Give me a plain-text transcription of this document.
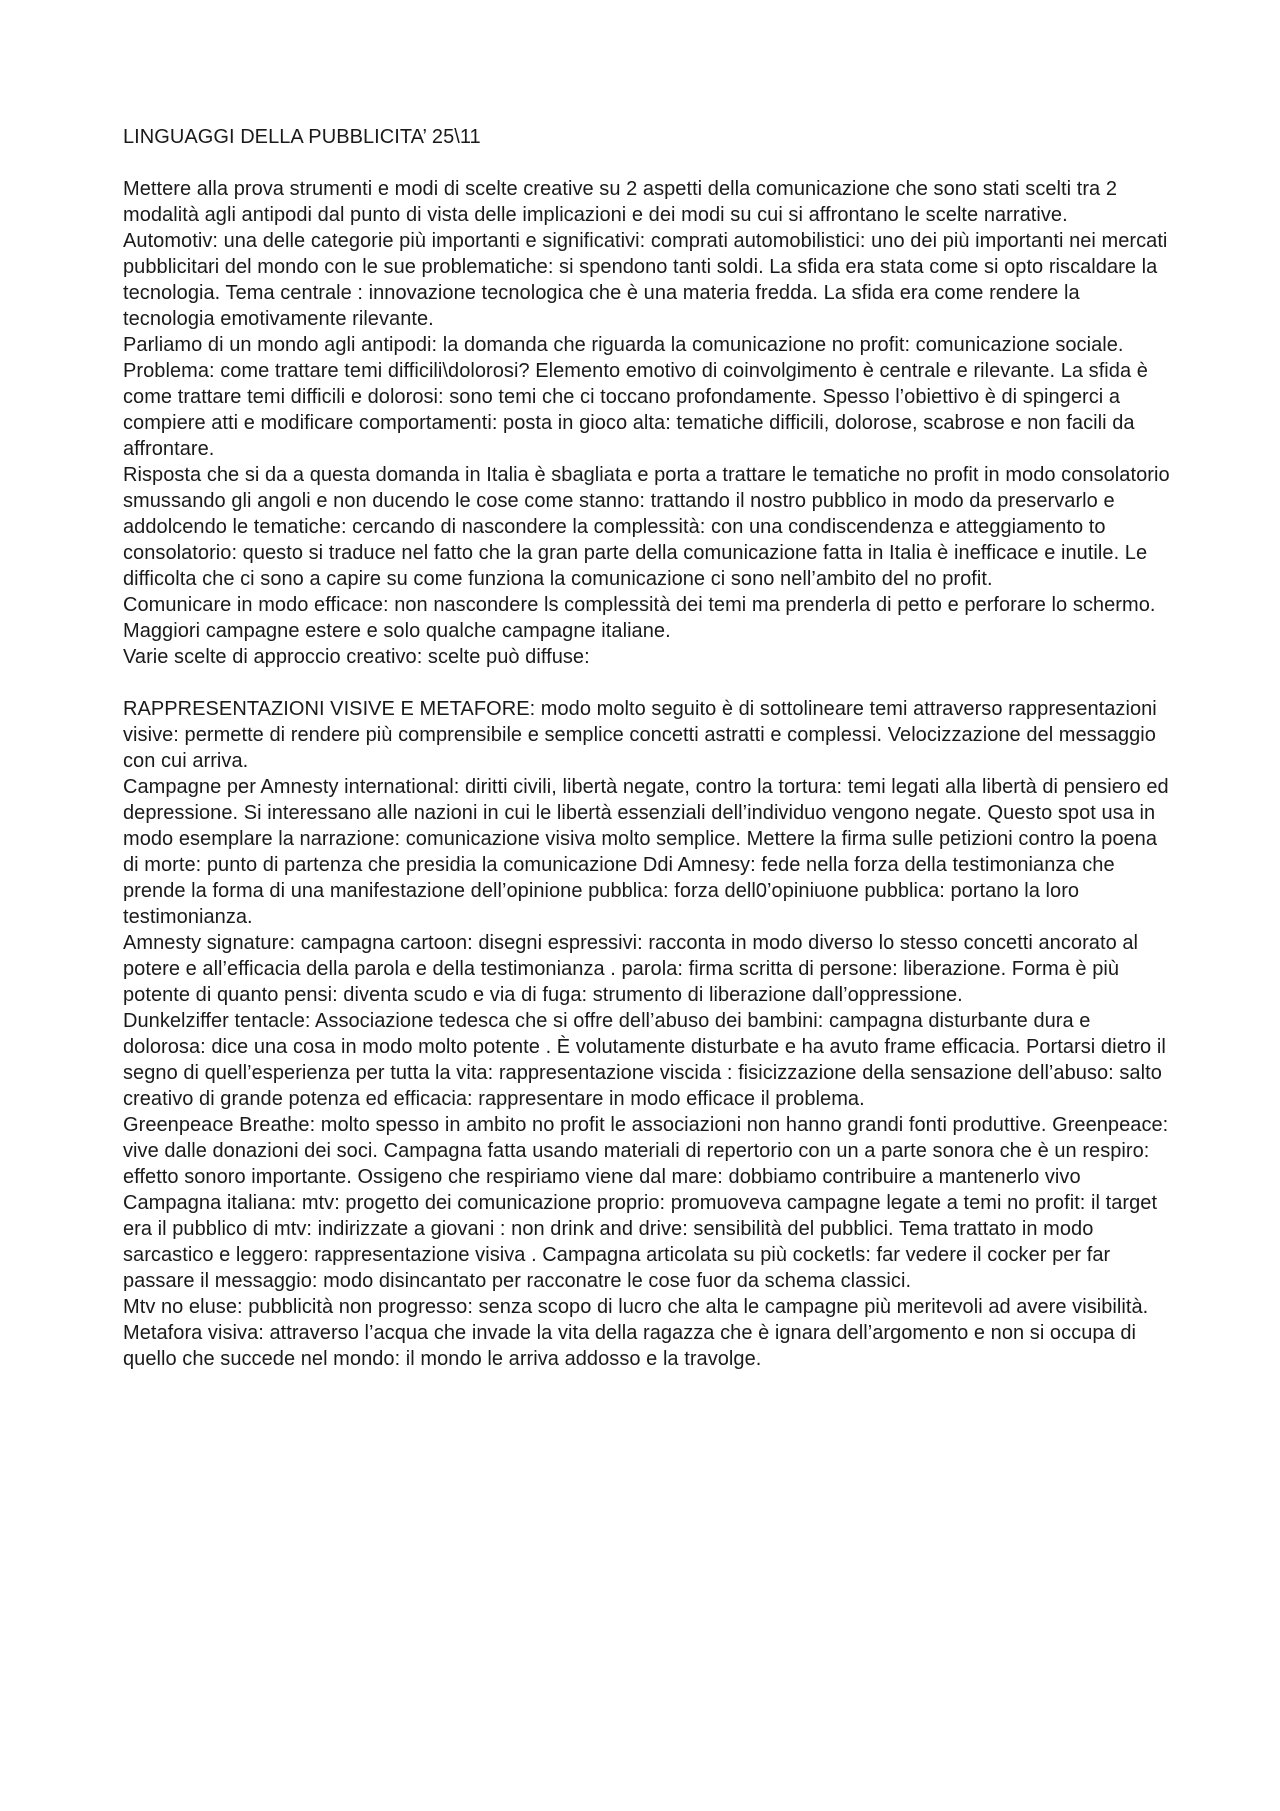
LINGUAGGI DELLA PUBBLICITA’ 25\11

Mettere alla prova strumenti e modi di scelte creative su 2 aspetti della comunicazione che sono stati scelti tra 2 modalità agli antipodi dal punto di vista delle implicazioni e dei modi su cui si affrontano le scelte narrative.

Automotiv: una delle categorie più importanti e significativi: comprati automobilistici: uno dei più importanti nei mercati pubblicitari del mondo con le sue problematiche: si spendono tanti soldi. La sfida era stata come si opto riscaldare la tecnologia. Tema centrale : innovazione tecnologica che è una materia fredda. La sfida era come rendere la tecnologia emotivamente rilevante.

Parliamo di un mondo agli antipodi: la domanda che riguarda la comunicazione no profit: comunicazione sociale. Problema: come trattare temi difficili\dolorosi? Elemento emotivo di coinvolgimento è centrale e rilevante. La sfida è come trattare temi difficili e dolorosi: sono temi che ci toccano profondamente. Spesso l’obiettivo è di spingerci a compiere atti e modificare comportamenti: posta in gioco alta: tematiche difficili, dolorose, scabrose e non facili da affrontare.

Risposta che si da a questa domanda in Italia è sbagliata e porta a trattare le tematiche no profit in modo consolatorio smussando gli angoli e non ducendo le cose come stanno: trattando il nostro pubblico in modo da preservarlo e addolcendo le tematiche: cercando di nascondere la complessità: con una condiscendenza e atteggiamento to consolatorio: questo si traduce nel fatto che la gran parte della comunicazione fatta in Italia è inefficace e inutile. Le difficolta che ci sono a capire su come funziona la comunicazione ci sono nell’ambito del no profit.

Comunicare in modo efficace: non nascondere ls complessità dei temi ma prenderla di petto e perforare lo schermo.

Maggiori campagne estere e solo qualche campagne italiane.

Varie scelte di approccio creativo: scelte può diffuse:

RAPPRESENTAZIONI VISIVE E METAFORE: modo molto seguito è di sottolineare temi attraverso rappresentazioni visive: permette di rendere più comprensibile e semplice concetti astratti e complessi. Velocizzazione del messaggio con cui arriva.

Campagne per Amnesty international: diritti civili, libertà negate, contro la tortura: temi legati alla libertà di pensiero ed depressione. Si interessano alle nazioni in cui le libertà essenziali dell’individuo vengono negate. Questo spot usa in modo esemplare la narrazione: comunicazione visiva molto semplice. Mettere la firma sulle petizioni contro la poena di morte: punto di partenza che presidia la comunicazione Ddi Amnesy: fede nella forza della testimonianza che prende la forma di una manifestazione dell’opinione pubblica: forza dell0’opiniuone pubblica: portano la loro testimonianza.

Amnesty signature: campagna cartoon: disegni espressivi: racconta in modo diverso lo stesso concetti ancorato al potere e all’efficacia della parola e della testimonianza . parola: firma scritta di persone: liberazione. Forma è più potente di quanto pensi: diventa scudo e via di fuga: strumento di liberazione dall’oppressione.

Dunkelziffer tentacle: Associazione tedesca che si offre dell’abuso dei bambini: campagna disturbante dura e dolorosa: dice una cosa in modo molto potente . È volutamente disturbate e ha avuto frame efficacia. Portarsi dietro il segno di quell’esperienza per tutta la vita: rappresentazione viscida : fisicizzazione della sensazione dell’abuso: salto creativo di grande potenza ed efficacia: rappresentare in modo efficace il problema.

Greenpeace Breathe: molto spesso in ambito no profit le associazioni non hanno grandi fonti produttive. Greenpeace: vive dalle donazioni dei soci. Campagna fatta usando materiali di repertorio con un a parte sonora che è un respiro: effetto sonoro importante. Ossigeno che respiriamo viene dal mare: dobbiamo contribuire a mantenerlo vivo

Campagna italiana: mtv: progetto dei comunicazione proprio: promuoveva campagne legate a temi no profit: il target era il pubblico di mtv: indirizzate a giovani : non drink and drive: sensibilità del pubblici. Tema trattato in modo sarcastico e leggero: rappresentazione visiva . Campagna articolata su più cocketls: far vedere il cocker per far passare il messaggio: modo disincantato per racconatre le cose fuor da schema classici.

Mtv no eluse: pubblicità non progresso: senza scopo di lucro che alta le campagne più meritevoli ad avere visibilità. Metafora visiva: attraverso l’acqua che invade la vita della ragazza che è ignara dell’argomento e non si occupa di quello che succede nel mondo: il mondo le arriva addosso e la travolge.
